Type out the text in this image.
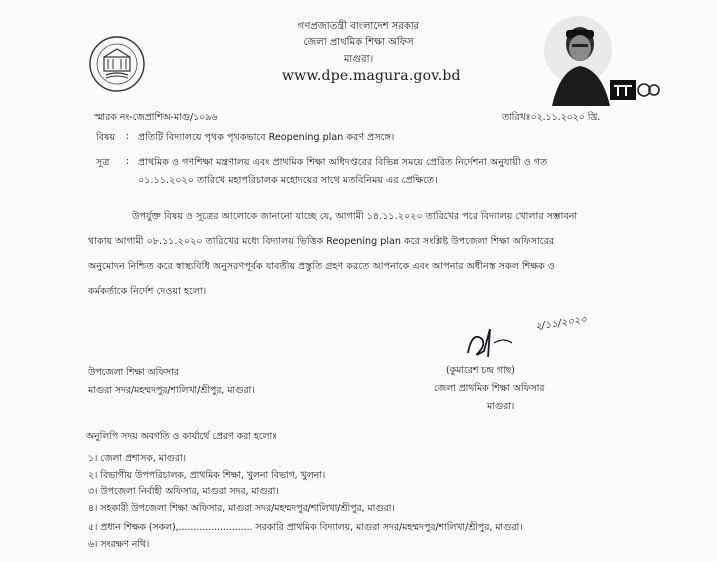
গণপ্রজাতন্ত্রী বাংলাদেশ সরকার
জেলা প্রাথমিক শিক্ষা অফিস
মাগুরা।
www.dpe.magura.gov.bd
স্মারক নং-জেপ্রাশিঅ-মাগু/১০৯৬	তারিখঃ০২.১১.২০২০ খ্রি.
বিষয় : প্রতিটি বিদ্যালয়ে পৃথক পৃথকভাবে Reopening plan করণ প্রসঙ্গে।
সূত্র : প্রাথমিক ও গণশিক্ষা মন্ত্রণালয় এবং প্রাথমিক শিক্ষা অধিদপ্তরের বিভিন্ন সময়ে প্রেরিত নির্দেশনা অনুযায়ী ও গত
০১.১১.২০২০ তারিখে মহাপরিচালক মহোদয়ের সাথে মতবিনিময় এর প্রেক্ষিতে।
উপর্যুক্ত বিষয় ও সূত্রের আলোকে জানানো যাচ্ছে যে, আগামী ১৪.১১.২০২০ তারিখের পরে বিদ্যালয় খোলার সম্ভাবনা
থাকায় আগামী ০৮.১১.২০২০ তারিখের মধ্যে বিদ্যালয় ভিত্তিক Reopening plan করে সংশ্লিষ্ট উপজেলা শিক্ষা অফিসারের
অনুমোদন নিশ্চিত করে স্বাস্থ্যবিধি অনুসরণপূর্বক যাবতীয় প্রস্তুতি গ্রহণ করতে আপনাকে এবং আপনার অধীনস্ত সকল শিক্ষক ও
কর্মকর্তাকে নির্দেশ দেওয়া হলো।
২/১১/২০২০
(কুমারেশ চন্দ্র গাছ)
জেলা প্রাথমিক শিক্ষা অফিসার
মাগুরা।
উপজেলা শিক্ষা অফিসার
মাগুরা সদর/মহম্মদপুর/শালিখা/শ্রীপুর, মাগুরা।
অনুলিপি সদয় অবগতি ও কার্যার্থে প্রেরণ করা হলোঃ
১। জেলা প্রশাসক, মাগুরা।
২। বিভাগীয় উপপরিচালক, প্রাথমিক শিক্ষা, খুলনা বিভাগ, খুলনা।
৩। উপজেলা নির্বাহী অফিসার, মাগুরা সদর, মাগুরা।
৪। সহকারী উপজেলা শিক্ষা অফিসার, মাগুরা সদর/মহম্মদপুর/শালিখা/শ্রীপুর, মাগুরা।
৫। প্রধান শিক্ষক (সকল),......................... সরকারি প্রাথমিক বিদ্যালয়, মাগুরা সদর/মহম্মদপুর/শালিখা/শ্রীপুর, মাগুরা।
৬। সংরক্ষণ নথি।
